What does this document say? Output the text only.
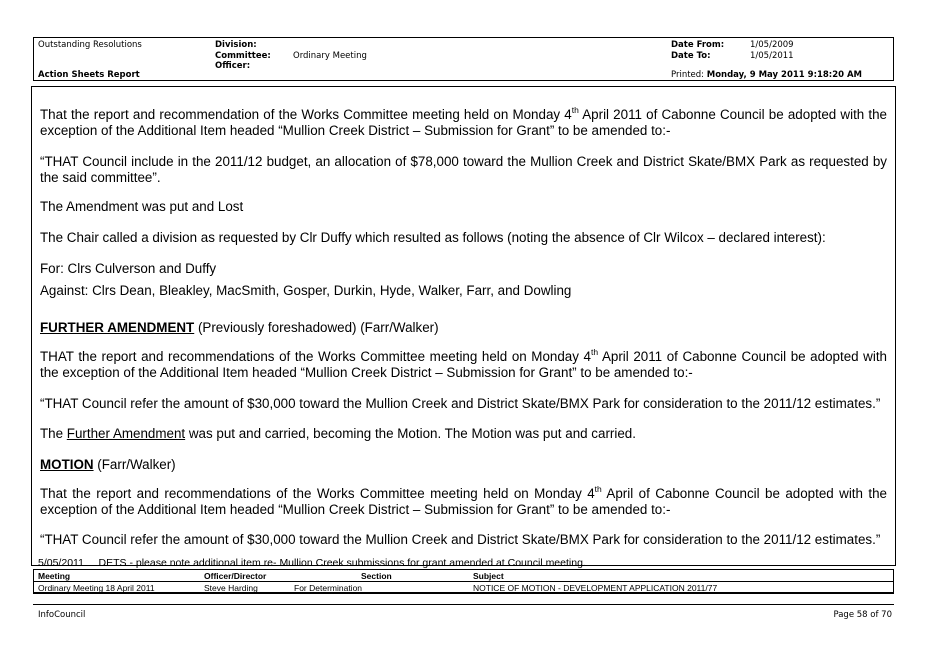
Outstanding Resolutions
Action Sheets Report
Division:
Committee:	Ordinary Meeting
Officer:
Date From:	1/05/2009
Date To:	1/05/2011
Printed: Monday, 9 May 2011 9:18:20 AM
That the report and recommendation of the Works Committee meeting held on Monday 4th April 2011 of Cabonne Council be adopted with the exception of the Additional Item headed “Mullion Creek District – Submission for Grant” to be amended to:-
“THAT Council include in the 2011/12 budget, an allocation of $78,000 toward the Mullion Creek and District Skate/BMX Park as requested by the said committee”.
The Amendment was put and Lost
The Chair called a division as requested by Clr Duffy which resulted as follows (noting the absence of Clr Wilcox – declared interest):
For: Clrs Culverson and Duffy
Against: Clrs Dean, Bleakley, MacSmith, Gosper, Durkin, Hyde, Walker, Farr, and Dowling
FURTHER AMENDMENT (Previously foreshadowed) (Farr/Walker)
THAT the report and recommendations of the Works Committee meeting held on Monday 4th April 2011 of Cabonne Council be adopted with the exception of the Additional Item headed “Mullion Creek District – Submission for Grant” to be amended to:-
“THAT Council refer the amount of $30,000 toward the Mullion Creek and District Skate/BMX Park for consideration to the 2011/12 estimates.”
The Further Amendment was put and carried, becoming the Motion. The Motion was put and carried.
MOTION (Farr/Walker)
That the report and recommendations of the Works Committee meeting held on Monday 4th April of Cabonne Council be adopted with the exception of the Additional Item headed “Mullion Creek District – Submission for Grant” to be amended to:-
“THAT Council refer the amount of $30,000 toward the Mullion Creek and District Skate/BMX Park for consideration to the 2011/12 estimates.”
5/05/2011     DETS - please note additional item re- Mullion Creek submissions for grant amended at Council meeting.
Meeting	Officer/Director	Section	Subject
Ordinary Meeting 18 April 2011	Steve Harding	For Determination	NOTICE OF MOTION - DEVELOPMENT APPLICATION 2011/77
InfoCouncil	Page 58 of 70
